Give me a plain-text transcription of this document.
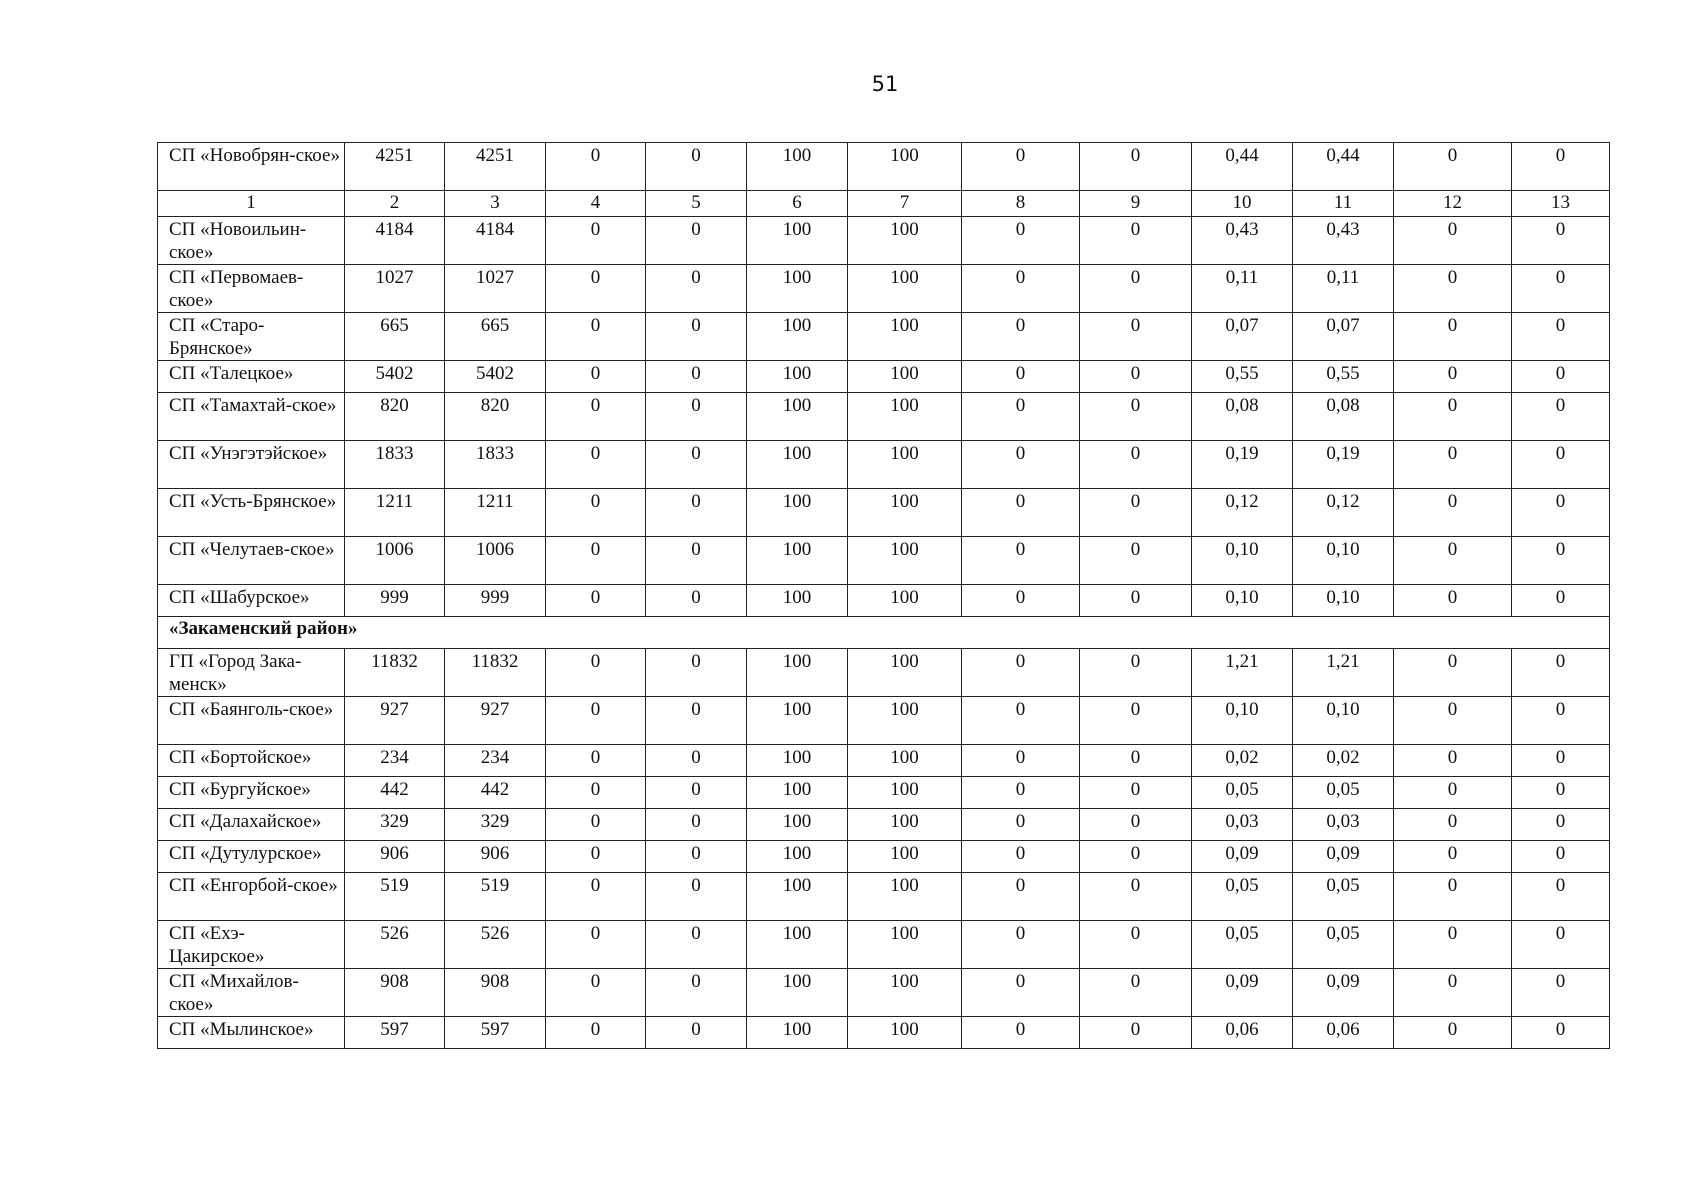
51
СП «Новобрян-ское»	4251	4251	0	0	100	100	0	0	0,44	0,44	0	0

1	2	3	4	5	6	7	8	9	10	11	12	13

СП «Новоильин-ское»	4184	4184	0	0	100	100	0	0	0,43	0,43	0	0

СП «Первомаев-ское»	1027	1027	0	0	100	100	0	0	0,11	0,11	0	0

СП «Старо-Брянское»	665	665	0	0	100	100	0	0	0,07	0,07	0	0

СП «Талецкое»	5402	5402	0	0	100	100	0	0	0,55	0,55	0	0

СП «Тамахтай-ское»	820	820	0	0	100	100	0	0	0,08	0,08	0	0

СП «Унэгэтэйское»	1833	1833	0	0	100	100	0	0	0,19	0,19	0	0

СП «Усть-Брянское»	1211	1211	0	0	100	100	0	0	0,12	0,12	0	0

СП «Челутаев-ское»	1006	1006	0	0	100	100	0	0	0,10	0,10	0	0

СП «Шабурское»	999	999	0	0	100	100	0	0	0,10	0,10	0	0

«Закаменский район»												

ГП «Город Зака-менск»	11832	11832	0	0	100	100	0	0	1,21	1,21	0	0

СП «Баянголь-ское»	927	927	0	0	100	100	0	0	0,10	0,10	0	0

СП «Бортойское»	234	234	0	0	100	100	0	0	0,02	0,02	0	0

СП «Бургуйское»	442	442	0	0	100	100	0	0	0,05	0,05	0	0

СП «Далахайское»	329	329	0	0	100	100	0	0	0,03	0,03	0	0

СП «Дутулурское»	906	906	0	0	100	100	0	0	0,09	0,09	0	0

СП «Енгорбой-ское»	519	519	0	0	100	100	0	0	0,05	0,05	0	0

СП «Ехэ-Цакирское»	526	526	0	0	100	100	0	0	0,05	0,05	0	0

СП «Михайлов-ское»	908	908	0	0	100	100	0	0	0,09	0,09	0	0

СП «Мылинское»	597	597	0	0	100	100	0	0	0,06	0,06	0	0
